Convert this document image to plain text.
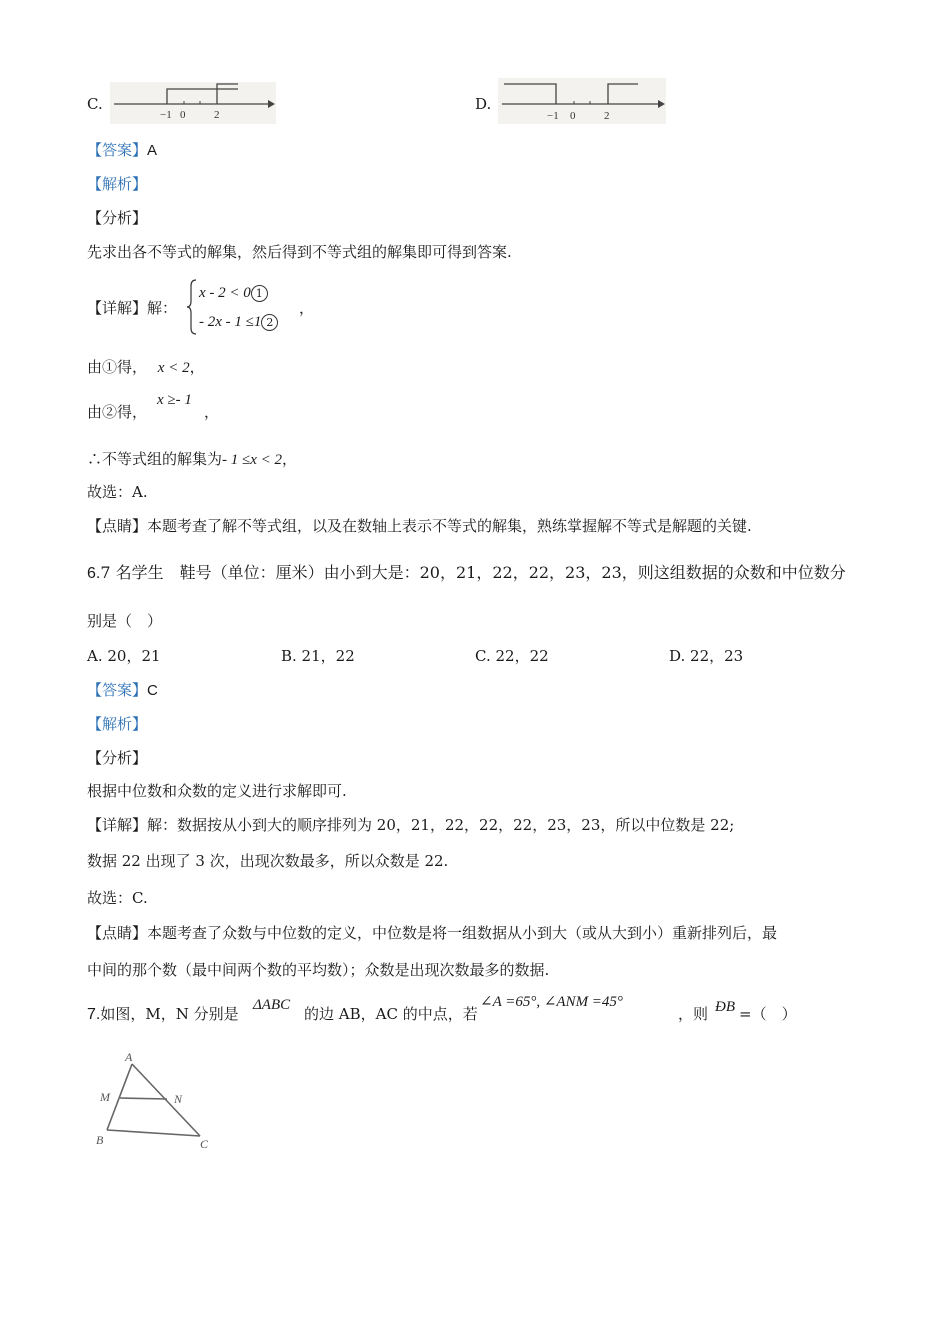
C.
−1 0	2
D.
−1 0	2
【答案】A
【解析】
【分析】
先求出各不等式的解集，然后得到不等式组的解集即可得到答案.
【详解】解：
x - 2 < 0 1
- 2x - 1 ≤1 2
，
由①得， x < 2，
由②得，
x ≥- 1
，
∴不等式组的解集为- 1 ≤x < 2，
故选：A.
【点睛】本题考查了解不等式组，以及在数轴上表示不等式的解集，熟练掌握解不等式是解题的关键.
6.7 名学生　鞋号（单位：厘米）由小到大是：20，21，22，22，23，23，则这组数据的众数和中位数分
别是（　）
A. 20，21	B. 21，22	C. 22，22	D. 22，23
【答案】C
【解析】
【分析】
根据中位数和众数的定义进行求解即可.
【详解】解：数据按从小到大的顺序排列为 20，21，22，22，22，23，23，所以中位数是 22;
数据 22 出现了 3 次，出现次数最多，所以众数是 22.
故选：C.
【点睛】本题考查了众数与中位数的定义，中位数是将一组数据从小到大（或从大到小）重新排列后，最
中间的那个数（最中间两个数的平均数）；众数是出现次数最多的数据.
7.如图，M，N 分别是 ΔABC 的边 AB，AC 的中点，若
∠A =65°, ∠ANM =45°
，则 ÐB =（　）
A
M	N
B	C
